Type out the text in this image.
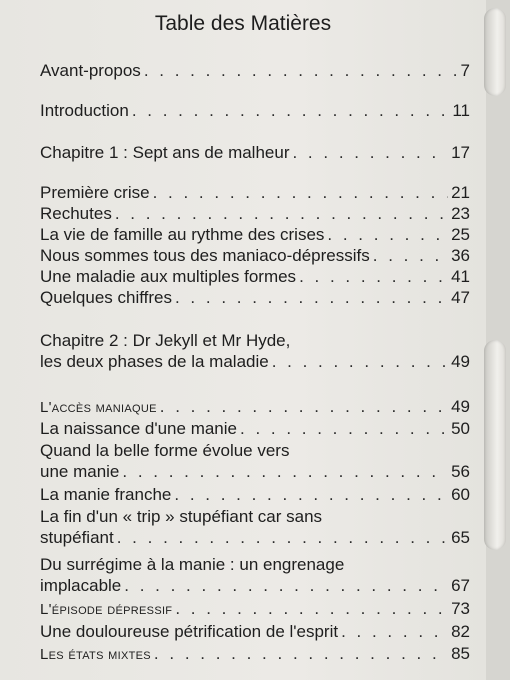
Table des Matières
Avant-propos . . .	7
Introduction . . .	11
Chapitre 1 : Sept ans de malheur . . .	17
Première crise . . .	21
Rechutes . . .	23
La vie de famille au rythme des crises . . .	25
Nous sommes tous des maniaco-dépressifs . . .	36
Une maladie aux multiples formes . . .	41
Quelques chiffres . . .	47
Chapitre 2 : Dr Jekyll et Mr Hyde,
les deux phases de la maladie . . .	49
L'accès maniaque . . .	49
La naissance d'une manie . . .	50
Quand la belle forme évolue vers
une manie . . .	56
La manie franche . . .	60
La fin d'un « trip » stupéfiant car sans
stupéfiant . . .	65
Du surrégime à la manie : un engrenage
implacable . . .	67
L'épisode dépressif . . .	73
Une douloureuse pétrification de l'esprit . . .	82
Les états mixtes . . .	85
